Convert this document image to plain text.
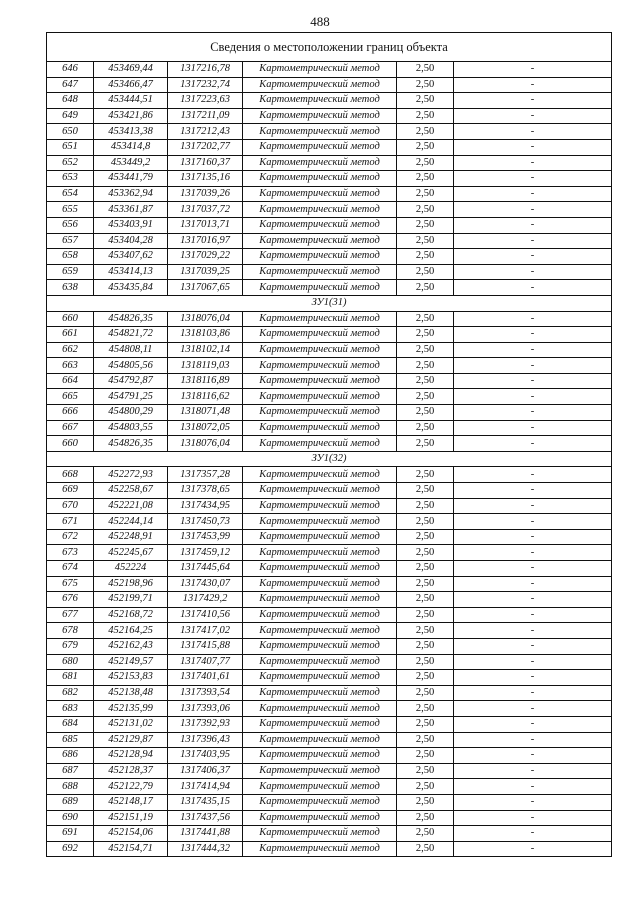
488
Сведения о местоположении границ объекта					
646	453469,44	1317216,78	Картометрический метод	2,50	-
647	453466,47	1317232,74	Картометрический метод	2,50	-
648	453444,51	1317223,63	Картометрический метод	2,50	-
649	453421,86	1317211,09	Картометрический метод	2,50	-
650	453413,38	1317212,43	Картометрический метод	2,50	-
651	453414,8	1317202,77	Картометрический метод	2,50	-
652	453449,2	1317160,37	Картометрический метод	2,50	-
653	453441,79	1317135,16	Картометрический метод	2,50	-
654	453362,94	1317039,26	Картометрический метод	2,50	-
655	453361,87	1317037,72	Картометрический метод	2,50	-
656	453403,91	1317013,71	Картометрический метод	2,50	-
657	453404,28	1317016,97	Картометрический метод	2,50	-
658	453407,62	1317029,22	Картометрический метод	2,50	-
659	453414,13	1317039,25	Картометрический метод	2,50	-
638	453435,84	1317067,65	Картометрический метод	2,50	-
ЗУ1(31)					
660	454826,35	1318076,04	Картометрический метод	2,50	-
661	454821,72	1318103,86	Картометрический метод	2,50	-
662	454808,11	1318102,14	Картометрический метод	2,50	-
663	454805,56	1318119,03	Картометрический метод	2,50	-
664	454792,87	1318116,89	Картометрический метод	2,50	-
665	454791,25	1318116,62	Картометрический метод	2,50	-
666	454800,29	1318071,48	Картометрический метод	2,50	-
667	454803,55	1318072,05	Картометрический метод	2,50	-
660	454826,35	1318076,04	Картометрический метод	2,50	-
ЗУ1(32)					
668	452272,93	1317357,28	Картометрический метод	2,50	-
669	452258,67	1317378,65	Картометрический метод	2,50	-
670	452221,08	1317434,95	Картометрический метод	2,50	-
671	452244,14	1317450,73	Картометрический метод	2,50	-
672	452248,91	1317453,99	Картометрический метод	2,50	-
673	452245,67	1317459,12	Картометрический метод	2,50	-
674	452224	1317445,64	Картометрический метод	2,50	-
675	452198,96	1317430,07	Картометрический метод	2,50	-
676	452199,71	1317429,2	Картометрический метод	2,50	-
677	452168,72	1317410,56	Картометрический метод	2,50	-
678	452164,25	1317417,02	Картометрический метод	2,50	-
679	452162,43	1317415,88	Картометрический метод	2,50	-
680	452149,57	1317407,77	Картометрический метод	2,50	-
681	452153,83	1317401,61	Картометрический метод	2,50	-
682	452138,48	1317393,54	Картометрический метод	2,50	-
683	452135,99	1317393,06	Картометрический метод	2,50	-
684	452131,02	1317392,93	Картометрический метод	2,50	-
685	452129,87	1317396,43	Картометрический метод	2,50	-
686	452128,94	1317403,95	Картометрический метод	2,50	-
687	452128,37	1317406,37	Картометрический метод	2,50	-
688	452122,79	1317414,94	Картометрический метод	2,50	-
689	452148,17	1317435,15	Картометрический метод	2,50	-
690	452151,19	1317437,56	Картометрический метод	2,50	-
691	452154,06	1317441,88	Картометрический метод	2,50	-
692	452154,71	1317444,32	Картометрический метод	2,50	-
